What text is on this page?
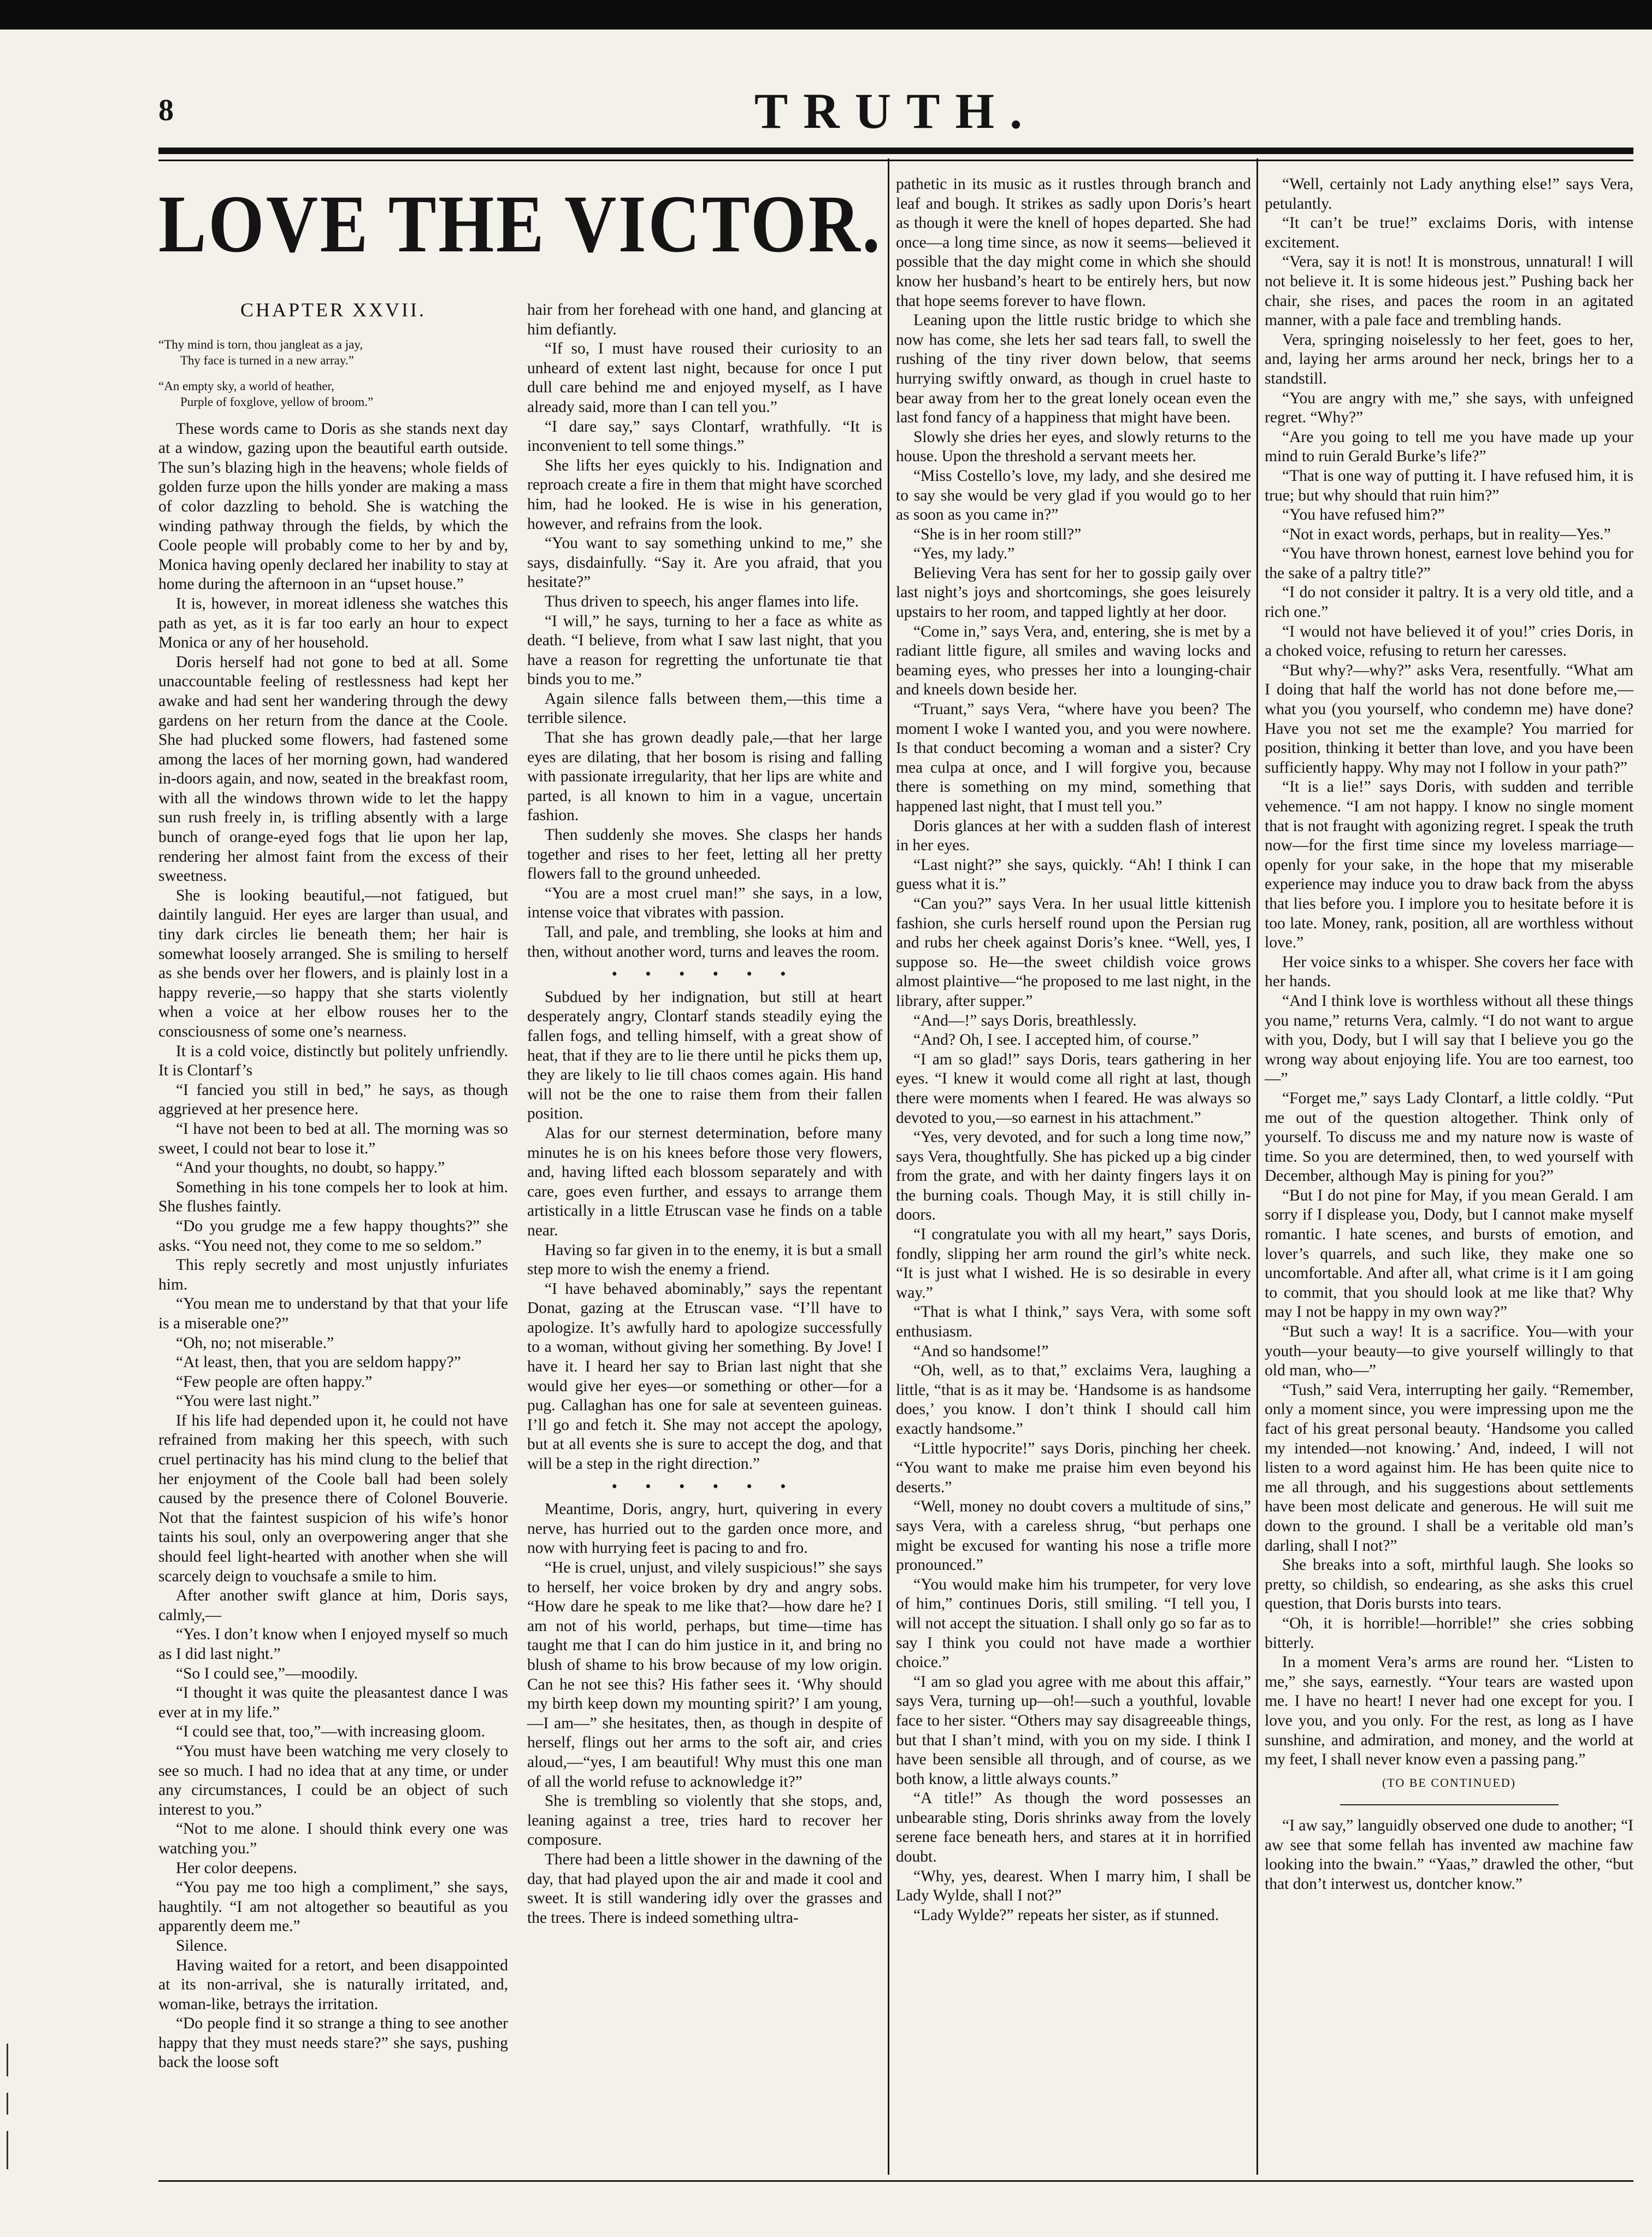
8	TRUTH.
LOVE THE VICTOR.
CHAPTER XXVII.
“Thy mind is torn, thou jangleat as a jay,
Thy face is turned in a new array.”
“An empty sky, a world of heather,
Purple of foxglove, yellow of broom.”

These words came to Doris as she stands next day at a window, gazing upon the beautiful earth outside. The sun’s blazing high in the heavens; whole fields of golden furze upon the hills yonder are making a mass of color dazzling to behold. She is watching the winding pathway through the fields, by which the Coole people will probably come to her by and by, Monica having openly declared her inability to stay at home during the afternoon in an “upset house.”

It is, however, in moreat idleness she watches this path as yet, as it is far too early an hour to expect Monica or any of her household.

Doris herself had not gone to bed at all. Some unaccountable feeling of restlessness had kept her awake and had sent her wandering through the dewy gardens on her return from the dance at the Coole. She had plucked some flowers, had fastened some among the laces of her morning gown, had wandered in-doors again, and now, seated in the breakfast room, with all the windows thrown wide to let the happy sun rush freely in, is trifling absently with a large bunch of orange-eyed fogs that lie upon her lap, rendering her almost faint from the excess of their sweetness.

She is looking beautiful,—not fatigued, but daintily languid. Her eyes are larger than usual, and tiny dark circles lie beneath them; her hair is somewhat loosely arranged. She is smiling to herself as she bends over her flowers, and is plainly lost in a happy reverie,—so happy that she starts violently when a voice at her elbow rouses her to the consciousness of some one’s nearness.

It is a cold voice, distinctly but politely unfriendly. It is Clontarf’s

“I fancied you still in bed,” he says, as though aggrieved at her presence here.

“I have not been to bed at all. The morning was so sweet, I could not bear to lose it.”

“And your thoughts, no doubt, so happy.”

Something in his tone compels her to look at him. She flushes faintly.

“Do you grudge me a few happy thoughts?” she asks. “You need not, they come to me so seldom.”

This reply secretly and most unjustly infuriates him.

“You mean me to understand by that that your life is a miserable one?”

“Oh, no; not miserable.”

“At least, then, that you are seldom happy?”

“Few people are often happy.”

“You were last night.”

If his life had depended upon it, he could not have refrained from making her this speech, with such cruel pertinacity has his mind clung to the belief that her enjoyment of the Coole ball had been solely caused by the presence there of Colonel Bouverie. Not that the faintest suspicion of his wife’s honor taints his soul, only an overpowering anger that she should feel light-hearted with another when she will scarcely deign to vouchsafe a smile to him.

After another swift glance at him, Doris says, calmly,—

“Yes. I don’t know when I enjoyed myself so much as I did last night.”

“So I could see,”—moodily.

“I thought it was quite the pleasantest dance I was ever at in my life.”

“I could see that, too,”—with increasing gloom.

“You must have been watching me very closely to see so much. I had no idea that at any time, or under any circumstances, I could be an object of such interest to you.”

“Not to me alone. I should think every one was watching you.”

Her color deepens.

“You pay me too high a compliment,” she says, haughtily. “I am not altogether so beautiful as you apparently deem me.”

Silence.

Having waited for a retort, and been disappointed at its non-arrival, she is naturally irritated, and, woman-like, betrays the irritation.

“Do people find it so strange a thing to see another happy that they must needs stare?” she says, pushing back the loose soft

hair from her forehead with one hand, and glancing at him defiantly.

“If so, I must have roused their curiosity to an unheard of extent last night, because for once I put dull care behind me and enjoyed myself, as I have already said, more than I can tell you.”

“I dare say,” says Clontarf, wrathfully. “It is inconvenient to tell some things.”

She lifts her eyes quickly to his. Indignation and reproach create a fire in them that might have scorched him, had he looked. He is wise in his generation, however, and refrains from the look.

“You want to say something unkind to me,” she says, disdainfully. “Say it. Are you afraid, that you hesitate?”

Thus driven to speech, his anger flames into life.

“I will,” he says, turning to her a face as white as death. “I believe, from what I saw last night, that you have a reason for regretting the unfortunate tie that binds you to me.”

Again silence falls between them,—this time a terrible silence.

That she has grown deadly pale,—that her large eyes are dilating, that her bosom is rising and falling with passionate irregularity, that her lips are white and parted, is all known to him in a vague, uncertain fashion.

Then suddenly she moves. She clasps her hands together and rises to her feet, letting all her pretty flowers fall to the ground unheeded.

“You are a most cruel man!” she says, in a low, intense voice that vibrates with passion.

Tall, and pale, and trembling, she looks at him and then, without another word, turns and leaves the room.

• • • • • •

Subdued by her indignation, but still at heart desperately angry, Clontarf stands steadily eying the fallen fogs, and telling himself, with a great show of heat, that if they are to lie there until he picks them up, they are likely to lie till chaos comes again. His hand will not be the one to raise them from their fallen position.

Alas for our sternest determination, before many minutes he is on his knees before those very flowers, and, having lifted each blossom separately and with care, goes even further, and essays to arrange them artistically in a little Etruscan vase he finds on a table near.

Having so far given in to the enemy, it is but a small step more to wish the enemy a friend.

“I have behaved abominably,” says the repentant Donat, gazing at the Etruscan vase. “I’ll have to apologize. It’s awfully hard to apologize successfully to a woman, without giving her something. By Jove! I have it. I heard her say to Brian last night that she would give her eyes—or something or other—for a pug. Callaghan has one for sale at seventeen guineas. I’ll go and fetch it. She may not accept the apology, but at all events she is sure to accept the dog, and that will be a step in the right direction.”

• • • • • •

Meantime, Doris, angry, hurt, quivering in every nerve, has hurried out to the garden once more, and now with hurrying feet is pacing to and fro.

“He is cruel, unjust, and vilely suspicious!” she says to herself, her voice broken by dry and angry sobs. “How dare he speak to me like that?—how dare he? I am not of his world, perhaps, but time—time has taught me that I can do him justice in it, and bring no blush of shame to his brow because of my low origin. Can he not see this? His father sees it. ‘Why should my birth keep down my mounting spirit?’ I am young,—I am—” she hesitates, then, as though in despite of herself, flings out her arms to the soft air, and cries aloud,—“yes, I am beautiful! Why must this one man of all the world refuse to acknowledge it?”

She is trembling so violently that she stops, and, leaning against a tree, tries hard to recover her composure.

There had been a little shower in the dawning of the day, that had played upon the air and made it cool and sweet. It is still wandering idly over the grasses and the trees. There is indeed something ultra-

pathetic in its music as it rustles through branch and leaf and bough. It strikes as sadly upon Doris’s heart as though it were the knell of hopes departed. She had once—a long time since, as now it seems—believed it possible that the day might come in which she should know her husband’s heart to be entirely hers, but now that hope seems forever to have flown.

Leaning upon the little rustic bridge to which she now has come, she lets her sad tears fall, to swell the rushing of the tiny river down below, that seems hurrying swiftly onward, as though in cruel haste to bear away from her to the great lonely ocean even the last fond fancy of a happiness that might have been.

Slowly she dries her eyes, and slowly returns to the house. Upon the threshold a servant meets her.

“Miss Costello’s love, my lady, and she desired me to say she would be very glad if you would go to her as soon as you came in?”

“She is in her room still?”

“Yes, my lady.”

Believing Vera has sent for her to gossip gaily over last night’s joys and shortcomings, she goes leisurely upstairs to her room, and tapped lightly at her door.

“Come in,” says Vera, and, entering, she is met by a radiant little figure, all smiles and waving locks and beaming eyes, who presses her into a lounging-chair and kneels down beside her.

“Truant,” says Vera, “where have you been? The moment I woke I wanted you, and you were nowhere. Is that conduct becoming a woman and a sister? Cry mea culpa at once, and I will forgive you, because there is something on my mind, something that happened last night, that I must tell you.”

Doris glances at her with a sudden flash of interest in her eyes.

“Last night?” she says, quickly. “Ah! I think I can guess what it is.”

“Can you?” says Vera. In her usual little kittenish fashion, she curls herself round upon the Persian rug and rubs her cheek against Doris’s knee. “Well, yes, I suppose so. He—the sweet childish voice grows almost plaintive—“he proposed to me last night, in the library, after supper.”

“And—!” says Doris, breathlessly.

“And? Oh, I see. I accepted him, of course.”

“I am so glad!” says Doris, tears gathering in her eyes. “I knew it would come all right at last, though there were moments when I feared. He was always so devoted to you,—so earnest in his attachment.”

“Yes, very devoted, and for such a long time now,” says Vera, thoughtfully. She has picked up a big cinder from the grate, and with her dainty fingers lays it on the burning coals. Though May, it is still chilly in-doors.

“I congratulate you with all my heart,” says Doris, fondly, slipping her arm round the girl’s white neck. “It is just what I wished. He is so desirable in every way.”

“That is what I think,” says Vera, with some soft enthusiasm.

“And so handsome!”

“Oh, well, as to that,” exclaims Vera, laughing a little, “that is as it may be. ‘Handsome is as handsome does,’ you know. I don’t think I should call him exactly handsome.”

“Little hypocrite!” says Doris, pinching her cheek. “You want to make me praise him even beyond his deserts.”

“Well, money no doubt covers a multitude of sins,” says Vera, with a careless shrug, “but perhaps one might be excused for wanting his nose a trifle more pronounced.”

“You would make him his trumpeter, for very love of him,” continues Doris, still smiling. “I tell you, I will not accept the situation. I shall only go so far as to say I think you could not have made a worthier choice.”

“I am so glad you agree with me about this affair,” says Vera, turning up—oh!—such a youthful, lovable face to her sister. “Others may say disagreeable things, but that I shan’t mind, with you on my side. I think I have been sensible all through, and of course, as we both know, a little always counts.”

“A title!” As though the word possesses an unbearable sting, Doris shrinks away from the lovely serene face beneath hers, and stares at it in horrified doubt.

“Why, yes, dearest. When I marry him, I shall be Lady Wylde, shall I not?”

“Lady Wylde?” repeats her sister, as if stunned.

“Well, certainly not Lady anything else!” says Vera, petulantly.

“It can’t be true!” exclaims Doris, with intense excitement.

“Vera, say it is not! It is monstrous, unnatural! I will not believe it. It is some hideous jest.” Pushing back her chair, she rises, and paces the room in an agitated manner, with a pale face and trembling hands.

Vera, springing noiselessly to her feet, goes to her, and, laying her arms around her neck, brings her to a standstill.

“You are angry with me,” she says, with unfeigned regret. “Why?”

“Are you going to tell me you have made up your mind to ruin Gerald Burke’s life?”

“That is one way of putting it. I have refused him, it is true; but why should that ruin him?”

“You have refused him?”

“Not in exact words, perhaps, but in reality—Yes.”

“You have thrown honest, earnest love behind you for the sake of a paltry title?”

“I do not consider it paltry. It is a very old title, and a rich one.”

“I would not have believed it of you!” cries Doris, in a choked voice, refusing to return her caresses.

“But why?—why?” asks Vera, resentfully. “What am I doing that half the world has not done before me,—what you (you yourself, who condemn me) have done? Have you not set me the example? You married for position, thinking it better than love, and you have been sufficiently happy. Why may not I follow in your path?”

“It is a lie!” says Doris, with sudden and terrible vehemence. “I am not happy. I know no single moment that is not fraught with agonizing regret. I speak the truth now—for the first time since my loveless marriage—openly for your sake, in the hope that my miserable experience may induce you to draw back from the abyss that lies before you. I implore you to hesitate before it is too late. Money, rank, position, all are worthless without love.”

Her voice sinks to a whisper. She covers her face with her hands.

“And I think love is worthless without all these things you name,” returns Vera, calmly. “I do not want to argue with you, Dody, but I will say that I believe you go the wrong way about enjoying life. You are too earnest, too—”

“Forget me,” says Lady Clontarf, a little coldly. “Put me out of the question altogether. Think only of yourself. To discuss me and my nature now is waste of time. So you are determined, then, to wed yourself with December, although May is pining for you?”

“But I do not pine for May, if you mean Gerald. I am sorry if I displease you, Dody, but I cannot make myself romantic. I hate scenes, and bursts of emotion, and lover’s quarrels, and such like, they make one so uncomfortable. And after all, what crime is it I am going to commit, that you should look at me like that? Why may I not be happy in my own way?”

“But such a way! It is a sacrifice. You—with your youth—your beauty—to give yourself willingly to that old man, who—”

“Tush,” said Vera, interrupting her gaily. “Remember, only a moment since, you were impressing upon me the fact of his great personal beauty. ‘Handsome you called my intended—not knowing.’ And, indeed, I will not listen to a word against him. He has been quite nice to me all through, and his suggestions about settlements have been most delicate and generous. He will suit me down to the ground. I shall be a veritable old man’s darling, shall I not?”

She breaks into a soft, mirthful laugh. She looks so pretty, so childish, so endearing, as she asks this cruel question, that Doris bursts into tears.

“Oh, it is horrible!—horrible!” she cries sobbing bitterly.

In a moment Vera’s arms are round her. “Listen to me,” she says, earnestly. “Your tears are wasted upon me. I have no heart! I never had one except for you. I love you, and you only. For the rest, as long as I have sunshine, and admiration, and money, and the world at my feet, I shall never know even a passing pang.”

(TO BE CONTINUED)

“I aw say,” languidly observed one dude to another; “I aw see that some fellah has invented aw machine faw looking into the bwain.” “Yaas,” drawled the other, “but that don’t interwest us, dontcher know.”
